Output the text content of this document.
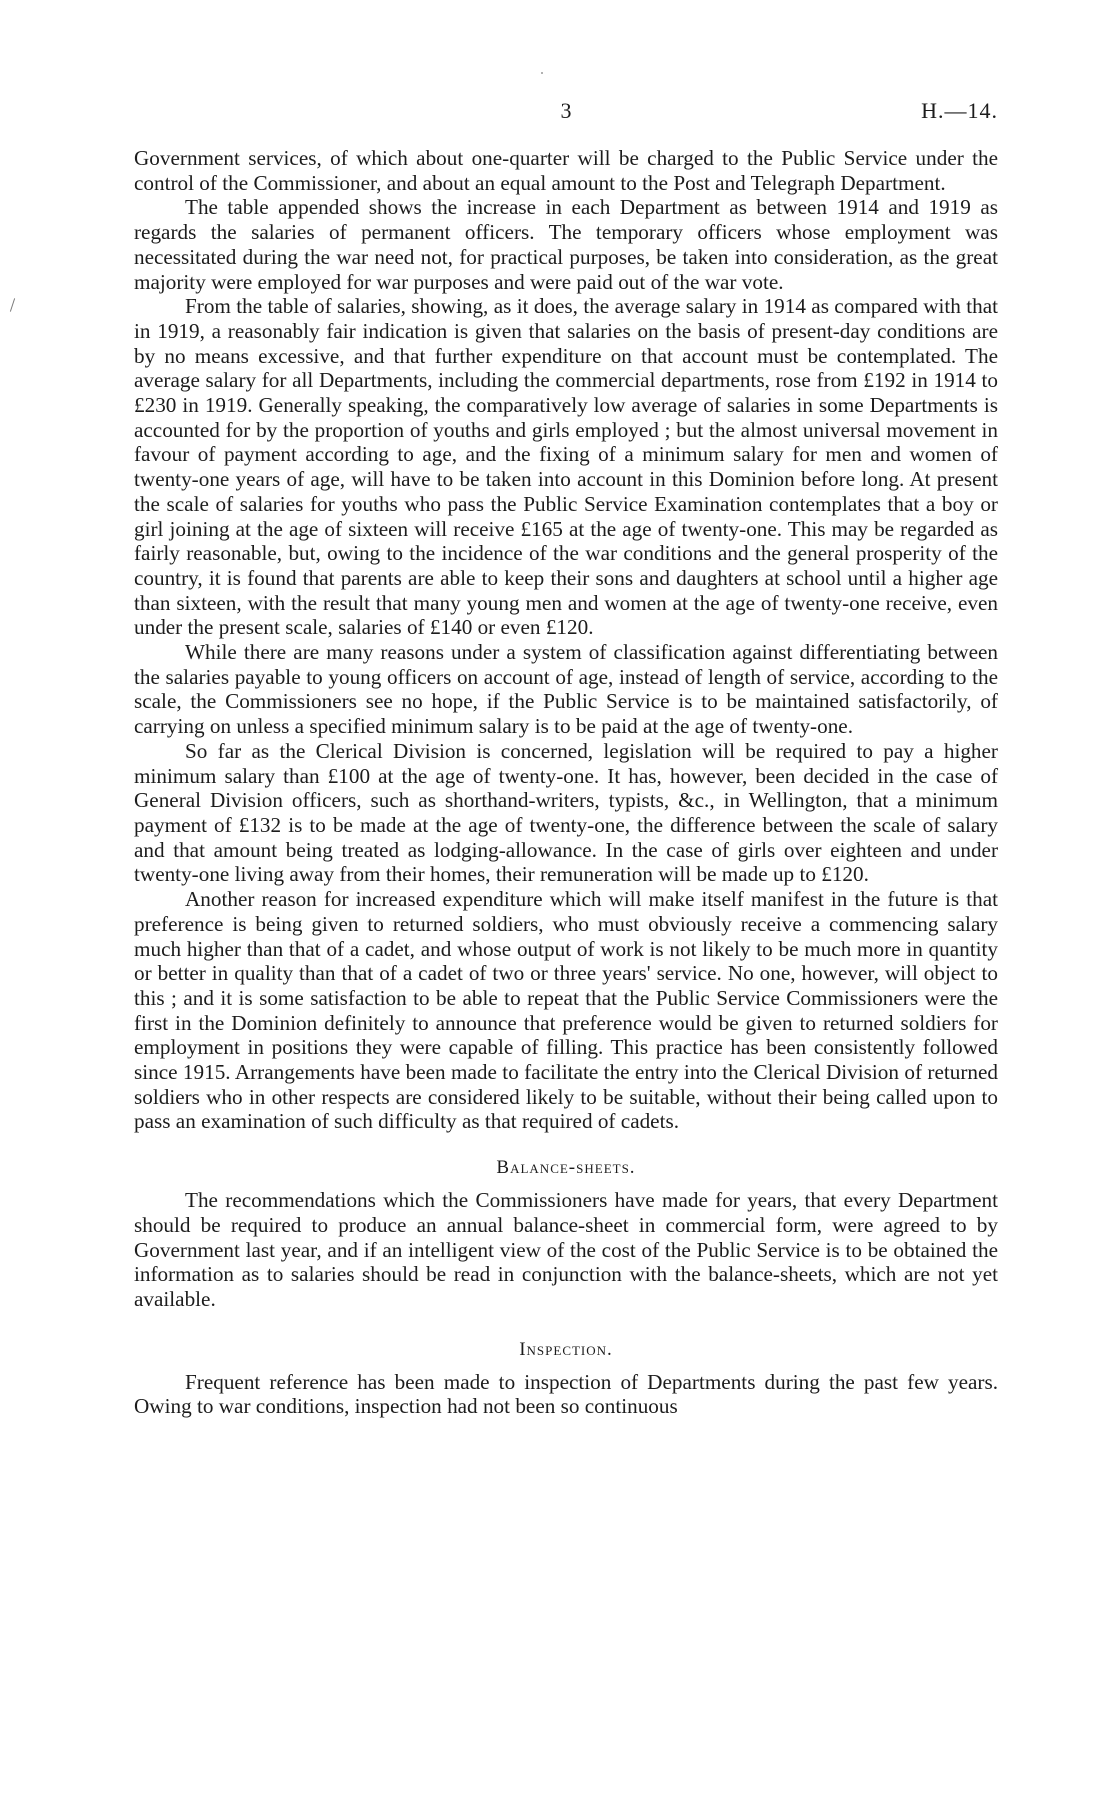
3	H.—14.

Government services, of which about one-quarter will be charged to the Public Service under the control of the Commissioner, and about an equal amount to the Post and Telegraph Department.

The table appended shows the increase in each Department as between 1914 and 1919 as regards the salaries of permanent officers. The temporary officers whose employment was necessitated during the war need not, for practical purposes, be taken into consideration, as the great majority were employed for war purposes and were paid out of the war vote.

From the table of salaries, showing, as it does, the average salary in 1914 as compared with that in 1919, a reasonably fair indication is given that salaries on the basis of present-day conditions are by no means excessive, and that further expenditure on that account must be contemplated. The average salary for all Departments, including the commercial departments, rose from £192 in 1914 to £230 in 1919. Generally speaking, the comparatively low average of salaries in some Departments is accounted for by the proportion of youths and girls employed ; but the almost universal movement in favour of payment according to age, and the fixing of a minimum salary for men and women of twenty-one years of age, will have to be taken into account in this Dominion before long. At present the scale of salaries for youths who pass the Public Service Examination contemplates that a boy or girl joining at the age of sixteen will receive £165 at the age of twenty-one. This may be regarded as fairly reasonable, but, owing to the incidence of the war conditions and the general prosperity of the country, it is found that parents are able to keep their sons and daughters at school until a higher age than sixteen, with the result that many young men and women at the age of twenty-one receive, even under the present scale, salaries of £140 or even £120.

While there are many reasons under a system of classification against differentiating between the salaries payable to young officers on account of age, instead of length of service, according to the scale, the Commissioners see no hope, if the Public Service is to be maintained satisfactorily, of carrying on unless a specified minimum salary is to be paid at the age of twenty-one.

So far as the Clerical Division is concerned, legislation will be required to pay a higher minimum salary than £100 at the age of twenty-one. It has, however, been decided in the case of General Division officers, such as shorthand-writers, typists, &c., in Wellington, that a minimum payment of £132 is to be made at the age of twenty-one, the difference between the scale of salary and that amount being treated as lodging-allowance. In the case of girls over eighteen and under twenty-one living away from their homes, their remuneration will be made up to £120.

Another reason for increased expenditure which will make itself manifest in the future is that preference is being given to returned soldiers, who must obviously receive a commencing salary much higher than that of a cadet, and whose output of work is not likely to be much more in quantity or better in quality than that of a cadet of two or three years' service. No one, however, will object to this ; and it is some satisfaction to be able to repeat that the Public Service Commissioners were the first in the Dominion definitely to announce that preference would be given to returned soldiers for employment in positions they were capable of filling. This practice has been consistently followed since 1915. Arrangements have been made to facilitate the entry into the Clerical Division of returned soldiers who in other respects are considered likely to be suitable, without their being called upon to pass an examination of such difficulty as that required of cadets.

Balance-sheets.

The recommendations which the Commissioners have made for years, that every Department should be required to produce an annual balance-sheet in commercial form, were agreed to by Government last year, and if an intelligent view of the cost of the Public Service is to be obtained the information as to salaries should be read in conjunction with the balance-sheets, which are not yet available.

Inspection.

Frequent reference has been made to inspection of Departments during the past few years. Owing to war conditions, inspection had not been so continuous
